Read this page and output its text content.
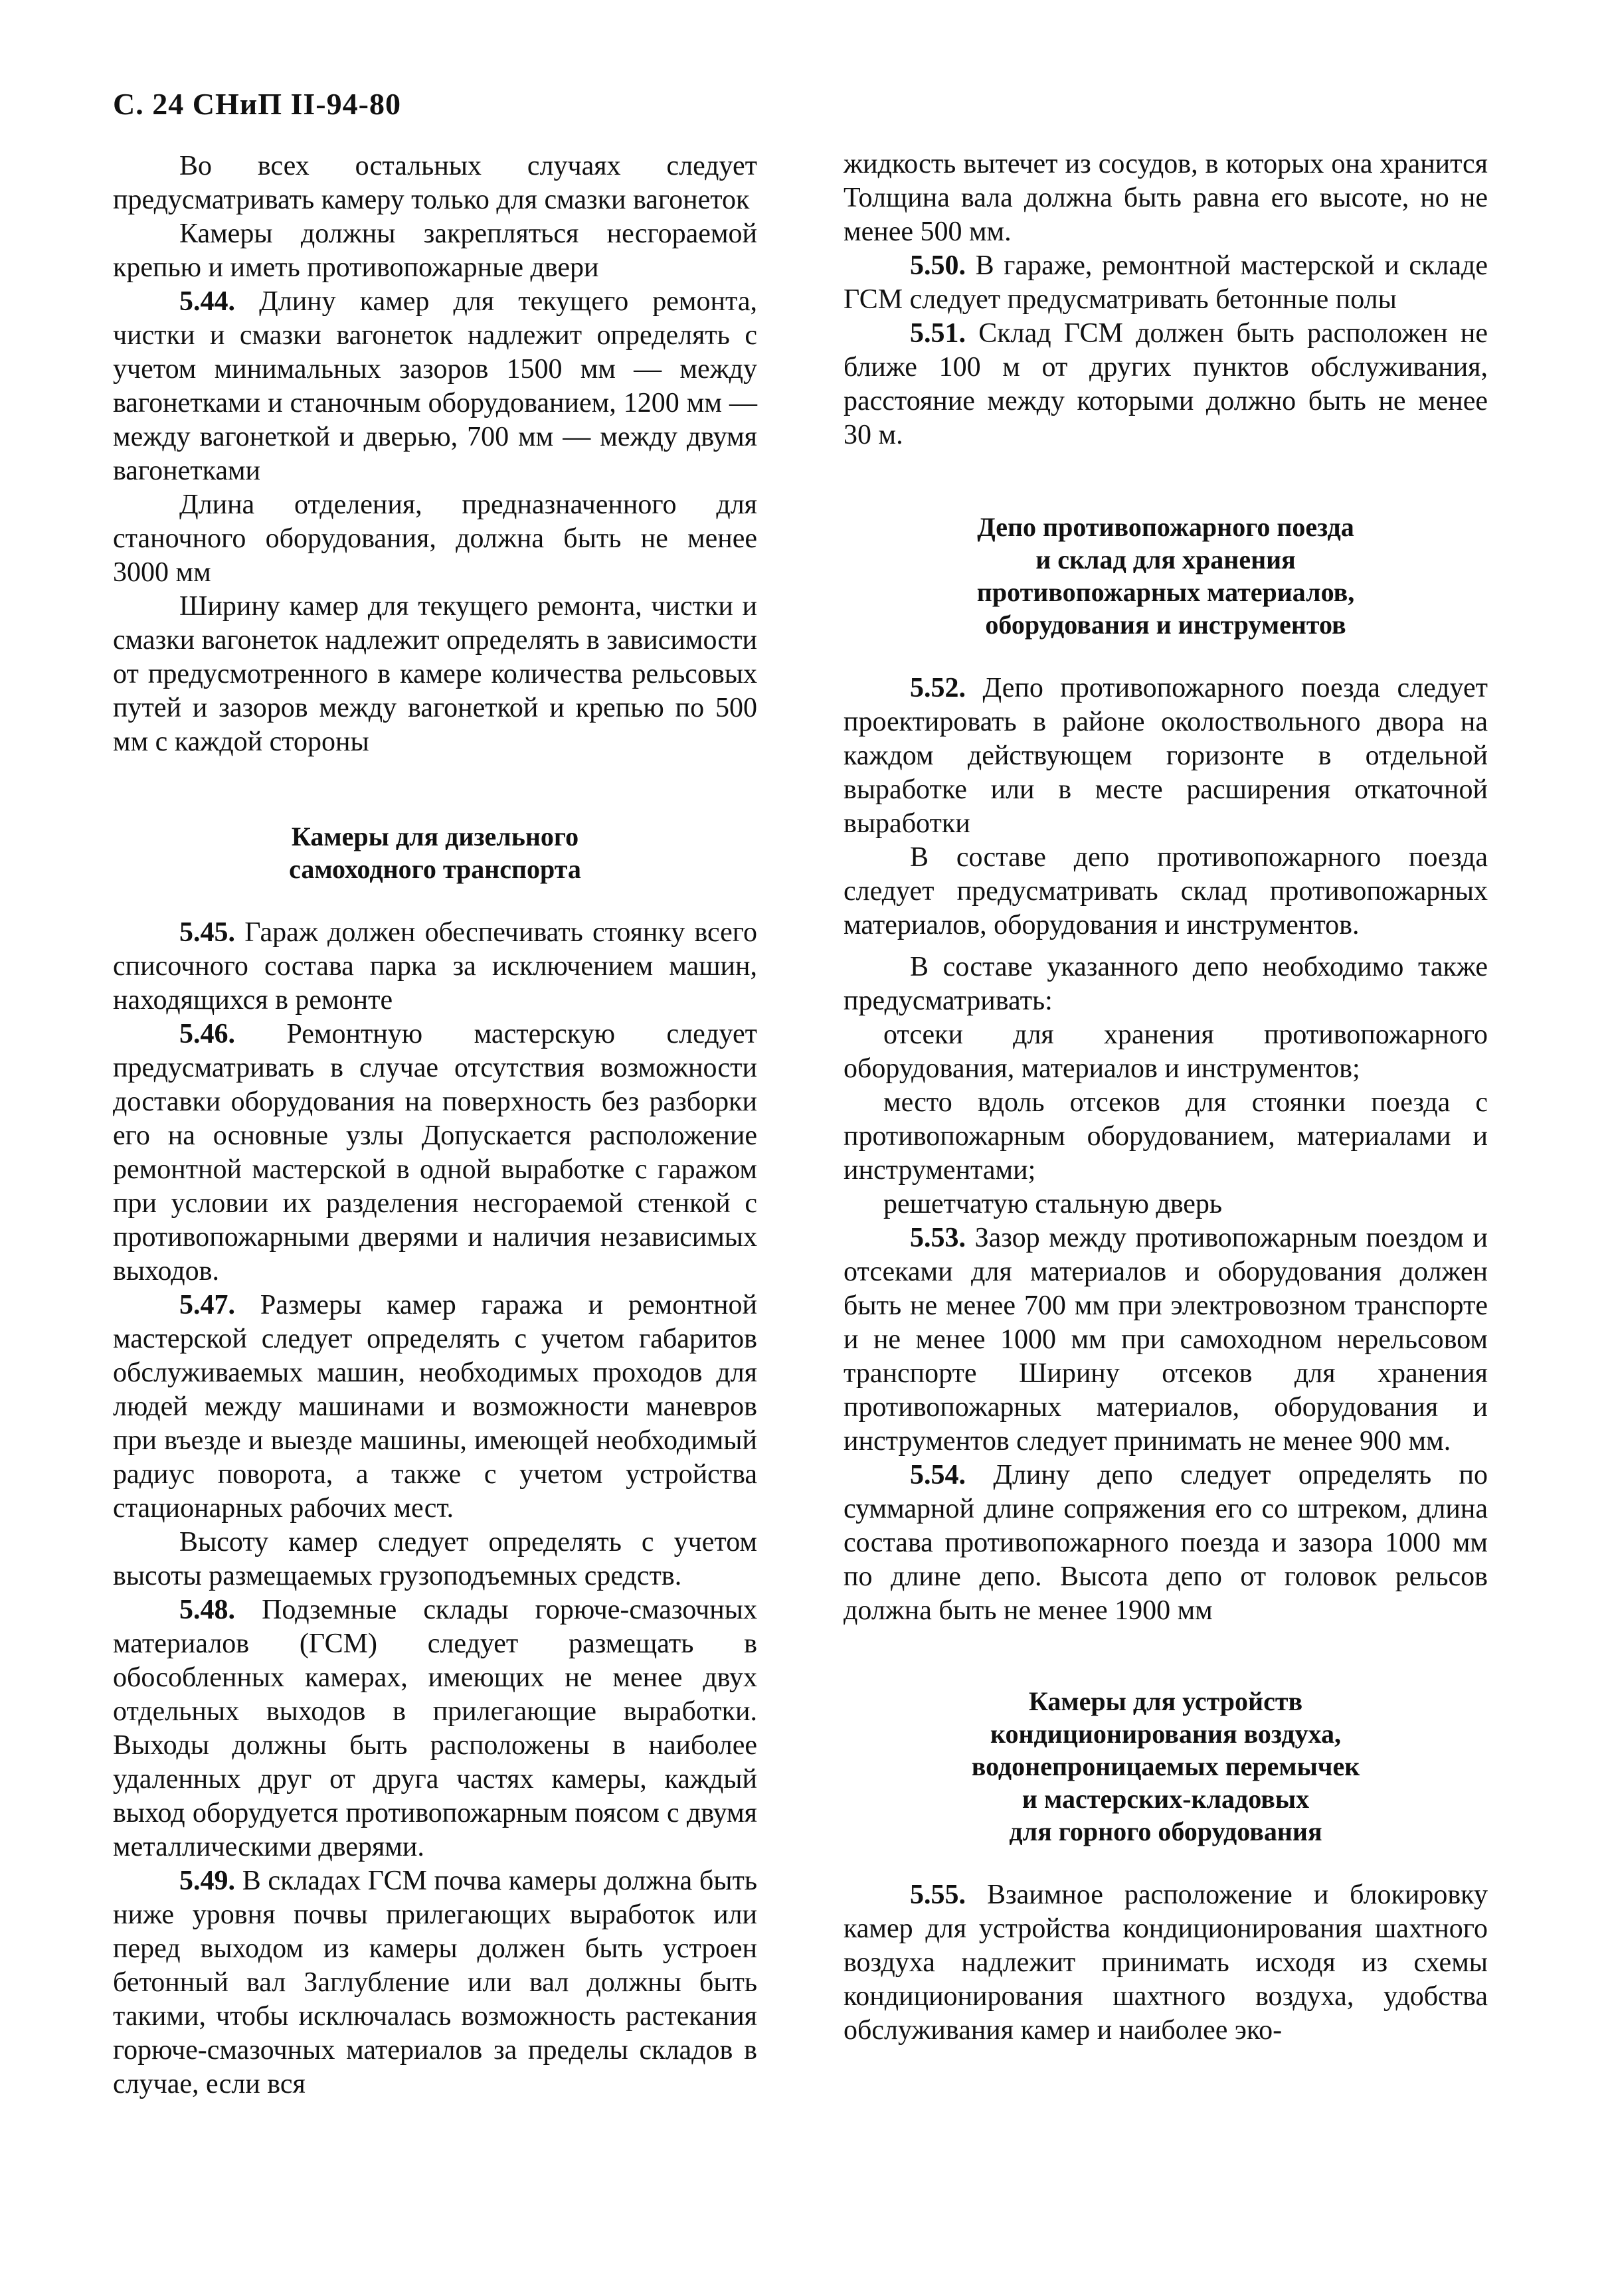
С. 24 СНиП II-94-80

Во всех остальных случаях следует предусматривать камеру только для смазки вагонеток

Камеры должны закрепляться несгораемой крепью и иметь противопожарные двери

5.44. Длину камер для текущего ремонта, чистки и смазки вагонеток надлежит определять с учетом минимальных зазоров 1500 мм — между вагонетками и станочным оборудованием, 1200 мм — между вагонеткой и дверью, 700 мм — между двумя вагонетками

Длина отделения, предназначенного для станочного оборудования, должна быть не менее 3000 мм

Ширину камер для текущего ремонта, чистки и смазки вагонеток надлежит определять в зависимости от предусмотренного в камере количества рельсовых путей и зазоров между вагонеткой и крепью по 500 мм с каждой стороны

Камеры для дизельного
самоходного транспорта

5.45. Гараж должен обеспечивать стоянку всего списочного состава парка за исключением машин, находящихся в ремонте

5.46. Ремонтную мастерскую следует предусматривать в случае отсутствия возможности доставки оборудования на поверхность без разборки его на основные узлы Допускается расположение ремонтной мастерской в одной выработке с гаражом при условии их разделения несгораемой стенкой с противопожарными дверями и наличия независимых выходов.

5.47. Размеры камер гаража и ремонтной мастерской следует определять с учетом габаритов обслуживаемых машин, необходимых проходов для людей между машинами и возможности маневров при въезде и выезде машины, имеющей необходимый радиус поворота, а также с учетом устройства стационарных рабочих мест.

Высоту камер следует определять с учетом высоты размещаемых грузоподъемных средств.

5.48. Подземные склады горюче-смазочных материалов (ГСМ) следует размещать в обособленных камерах, имеющих не менее двух отдельных выходов в прилегающие выработки. Выходы должны быть расположены в наиболее удаленных друг от друга частях камеры, каждый выход оборудуется противопожарным поясом с двумя металлическими дверями.

5.49. В складах ГСМ почва камеры должна быть ниже уровня почвы прилегающих выработок или перед выходом из камеры должен быть устроен бетонный вал Заглубление или вал должны быть такими, чтобы исключалась возможность растекания горюче-смазочных материалов за пределы складов в случае, если вся

жидкость вытечет из сосудов, в которых она хранится Толщина вала должна быть равна его высоте, но не менее 500 мм.

5.50. В гараже, ремонтной мастерской и складе ГСМ следует предусматривать бетонные полы

5.51. Склад ГСМ должен быть расположен не ближе 100 м от других пунктов обслуживания, расстояние между которыми должно быть не менее 30 м.

Депо противопожарного поезда
и склад для хранения
противопожарных материалов,
оборудования и инструментов

5.52. Депо противопожарного поезда следует проектировать в районе околоствольного двора на каждом действующем горизонте в отдельной выработке или в месте расширения откаточной выработки

В составе депо противопожарного поезда следует предусматривать склад противопожарных материалов, оборудования и инструментов.

В составе указанного депо необходимо также предусматривать:

отсеки для хранения противопожарного оборудования, материалов и инструментов;

место вдоль отсеков для стоянки поезда с противопожарным оборудованием, материалами и инструментами;

решетчатую стальную дверь

5.53. Зазор между противопожарным поездом и отсеками для материалов и оборудования должен быть не менее 700 мм при электровозном транспорте и не менее 1000 мм при самоходном нерельсовом транспорте Ширину отсеков для хранения противопожарных материалов, оборудования и инструментов следует принимать не менее 900 мм.

5.54. Длину депо следует определять по суммарной длине сопряжения его со штреком, длина состава противопожарного поезда и зазора 1000 мм по длине депо. Высота депо от головок рельсов должна быть не менее 1900 мм

Камеры для устройств
кондиционирования воздуха,
водонепроницаемых перемычек
и мастерских-кладовых
для горного оборудования

5.55. Взаимное расположение и блокировку камер для устройства кондиционирования шахтного воздуха надлежит принимать исходя из схемы кондиционирования шахтного воздуха, удобства обслуживания камер и наиболее эко-
